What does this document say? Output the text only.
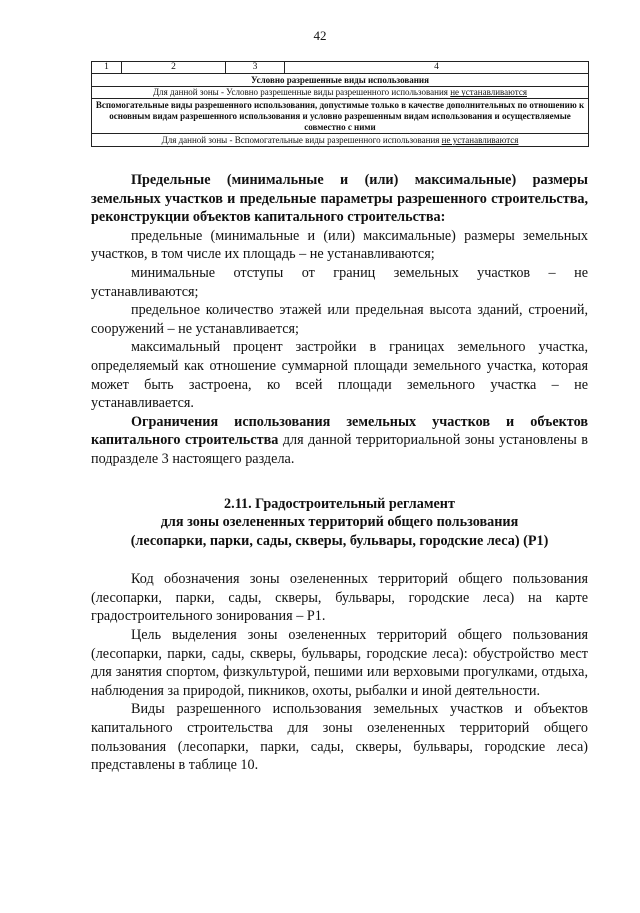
42
1	2	3	4
Условно разрешенные виды использования
Для данной зоны - Условно разрешенные виды разрешенного использования не устанавливаются
Вспомогательные виды разрешенного использования, допустимые только в качестве дополнительных по отношению к основным видам разрешенного использования и условно разрешенным видам использования и осуществляемые совместно с ними
Для данной зоны - Вспомогательные виды разрешенного использования не устанавливаются

Предельные (минимальные и (или) максимальные) размеры земельных участков и предельные параметры разрешенного строительства, реконструкции объектов капитального строительства:

предельные (минимальные и (или) максимальные) размеры земельных участков, в том числе их площадь – не устанавливаются;

минимальные отступы от границ земельных участков – не устанавливаются;

предельное количество этажей или предельная высота зданий, строений, сооружений – не устанавливается;

максимальный процент застройки в границах земельного участка, определяемый как отношение суммарной площади земельного участка, которая может быть застроена, ко всей площади земельного участка – не устанавливается.

Ограничения использования земельных участков и объектов капитального строительства для данной территориальной зоны установлены в подразделе 3 настоящего раздела.

2.11. Градостроительный регламент

для зоны озелененных территорий общего пользования

(лесопарки, парки, сады, скверы, бульвары, городские леса) (Р1)

Код обозначения зоны озелененных территорий общего пользования (лесопарки, парки, сады, скверы, бульвары, городские леса) на карте градостроительного зонирования – Р1.

Цель выделения зоны озелененных территорий общего пользования (лесопарки, парки, сады, скверы, бульвары, городские леса): обустройство мест для занятия спортом, физкультурой, пешими или верховыми прогулками, отдыха, наблюдения за природой, пикников, охоты, рыбалки и иной деятельности.

Виды разрешенного использования земельных участков и объектов капитального строительства для зоны озелененных территорий общего пользования (лесопарки, парки, сады, скверы, бульвары, городские леса) представлены в таблице 10.
